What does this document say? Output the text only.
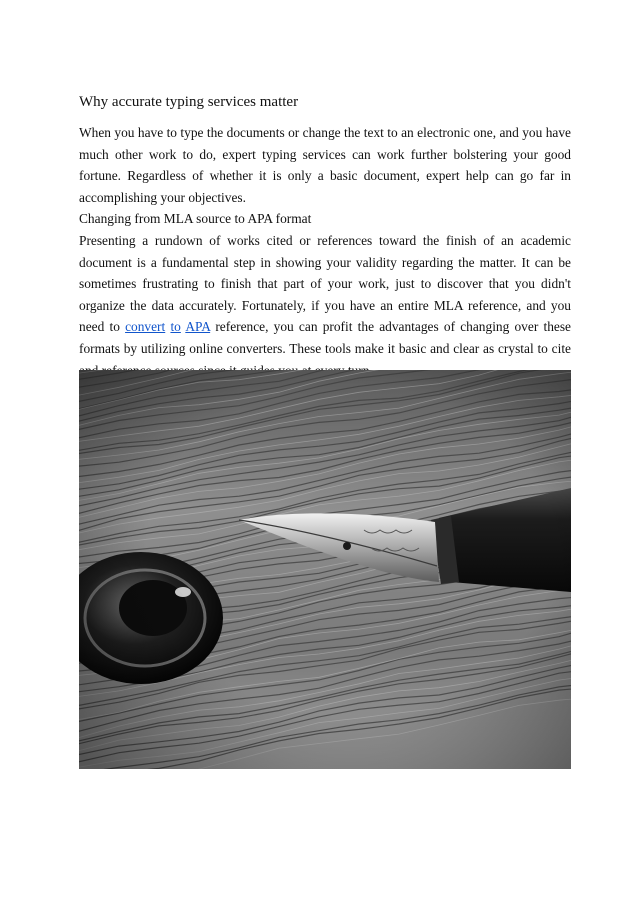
Why accurate typing services matter

When you have to type the documents or change the text to an electronic one, and you have much other work to do, expert typing services can work further bolstering your good fortune. Regardless of whether it is only a basic document, expert help can go far in accomplishing your objectives.

Changing from MLA source to APA format

Presenting a rundown of works cited or references toward the finish of an academic document is a fundamental step in showing your validity regarding the matter. It can be sometimes frustrating to finish that part of your work, just to discover that you didn't organize the data accurately. Fortunately, if you have an entire MLA reference, and you need to convert to APA reference, you can profit the advantages of changing over these formats by utilizing online converters. These tools make it basic and clear as crystal to cite
